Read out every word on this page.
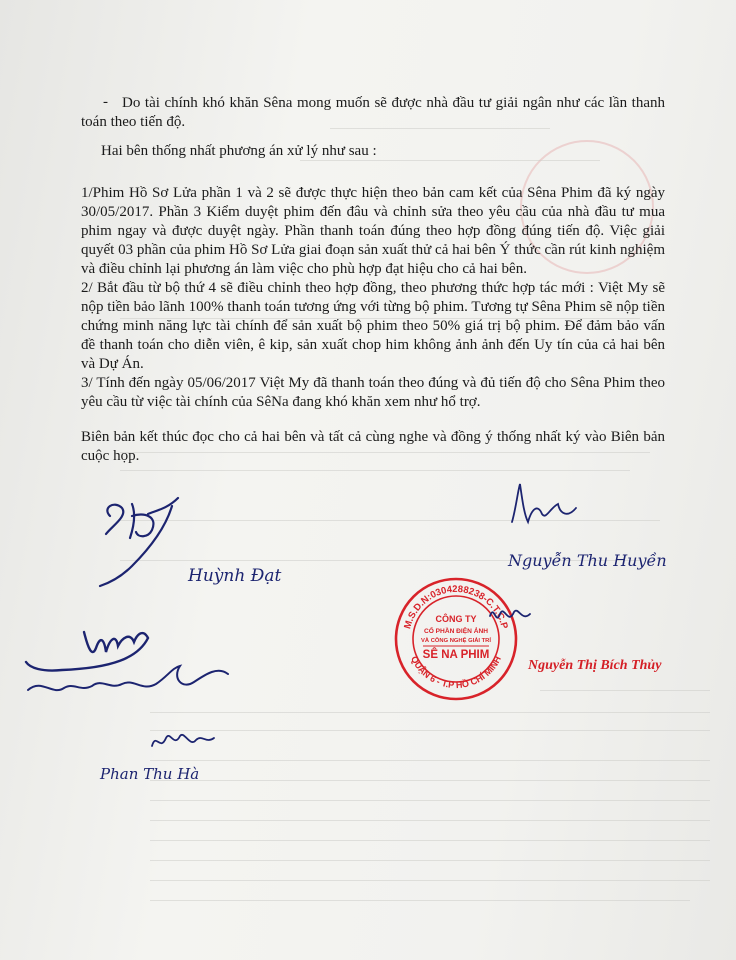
- Do tài chính khó khăn Sêna mong muốn sẽ được nhà đầu tư giải ngân như các lần thanh toán theo tiến độ.

Hai bên thống nhất phương án xử lý như sau :

1/Phim Hồ Sơ Lửa phần 1 và 2 sẽ được thực hiện theo bản cam kết của Sêna Phim đã ký ngày 30/05/2017. Phần 3 Kiểm duyệt phim đến đâu và chỉnh sửa theo yêu cầu của nhà đầu tư mua phim ngay và được duyệt ngày. Phần thanh toán đúng theo hợp đồng đúng tiến độ. Việc giải quyết 03 phần của phim Hồ Sơ Lửa giai đoạn sản xuất thử cả hai bên Ý thức cần rút kinh nghiệm và điều chỉnh lại phương án làm việc cho phù hợp đạt hiệu cho cả hai bên.

2/ Bắt đầu từ bộ thứ 4 sẽ điều chỉnh theo hợp đồng, theo phương thức hợp tác mới : Việt My sẽ nộp tiền bảo lãnh 100% thanh toán tương ứng với từng bộ phim. Tương tự Sêna Phim sẽ nộp tiền chứng minh năng lực tài chính để sản xuất bộ phim theo 50% giá trị bộ phim. Để đảm bảo vấn đề thanh toán cho diễn viên, ê kip, sản xuất chop him không ảnh ảnh đến Uy tín của cả hai bên và Dự Án.

3/ Tính đến ngày 05/06/2017 Việt My đã thanh toán theo đúng và đủ tiến độ cho Sêna Phim theo yêu cầu từ việc tài chính của SêNa đang khó khăn xem như hổ trợ.

Biên bản kết thúc đọc cho cả hai bên và tất cả cùng nghe và đồng ý thống nhất ký vào Biên bản cuộc họp.

Huỳnh Đạt
Phan Thu Hà
Nguyễn Thu Huyền
M.S.D.N:0304288238-C.T.C.P
QUẬN 6 - T.P HỒ CHÍ MINH
CÔNG TY
CỔ PHẦN ĐIỆN ẢNH
VÀ CÔNG NGHỆ GIẢI TRÍ
SÊ NA PHIM
Nguyễn Thị Bích Thủy
